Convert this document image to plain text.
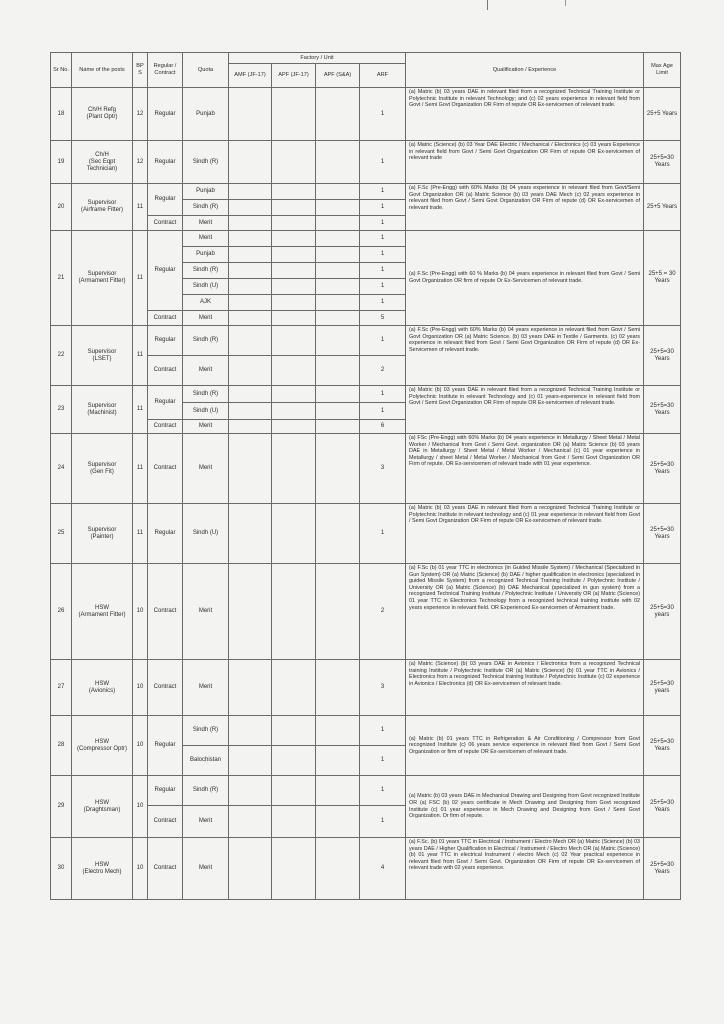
Sr No.	Name of the posts	BP S	Regular / Contract	Quota	Factory / Unit				Qualification / Experience	Max Age Limit
					AMF (JF-17)	APF (JF-17)	APF (S&A)	ARF		
18	Ch/H Refg
(Plant Optr)	12	Regular	Punjab				1	(a) Matric (b) 03 years DAE in relevant filed from a recognized Technical Training Institute or Polytechnic Institute in relevant Technology; and (c) 02 years experience in relevant field from Govt / Semi Govt Organization OR Firm of repute OR Ex-servicemen of relevant trade.	25+5 Years
19	Ch/H
(Sec Eqpt Technician)	12	Regular	Sindh (R)				1	(a) Matric (Science) (b) 03 Year DAE Electric / Mechanical / Electronics (c) 03 years Experience in relevant field from Govt / Semi Govt Organization OR Firm of repute OR Ex-servicemen of relevant trade	25+5=30 Years
20	Supervisor
(Airframe Fitter)	11	Regular	Punjab				1	(a) F.Sc (Pre-Engg) with 60% Marks (b) 04 years experience in relevant filed from Govt/Semi Govt Organization OR (a) Matric Science (b) 03 years DAE Mech (c) 02 years experience in relevant filed from Govt / Semi Govt Organization OR Firm of repute (d) OR Ex-servicemen of relevant trade.	25+5 Years
				Sindh (R)				1		
			Contract	Merit				1		
21	Supervisor
(Armament Fitter)	11	Regular	Merit				1	(a) F.Sc (Pre-Engg) with 60 % Marks (b) 04 years experience in relevant filed from Govt / Semi Govt Organization OR firm of repute Or Ex-Servicemen of relevant trade.	25+5 = 30 Years
				Punjab				1		
				Sindh (R)				1		
				Sindh (U)				1		
				AJK				1		
			Contract	Merit				5		
22	Supervisor
(LSET)	11	Regular	Sindh (R)				1	(a) F.Sc (Pre-Engg) with 60% Marks (b) 04 years experience in relevant filed from Govt / Semi Govt Organization OR (a) Matric Science. (b) 03 years DAE in Textile / Garments. (c) 02 years experience in relevant filed from Govt / Semi Govt Organization OR Firm of repute (d) OR Ex-Servicemen of relevant trade.	25+5=30 Years
			Contract	Merit				2		
23	Supervisor
(Machinist)	11	Regular	Sindh (R)				1	(a) Matric (b) 03 years DAE in relevant filed from a recognized Technical Training Institute or Polytechnic Institute in relevant Technology and (c) 01 years-experience in relevant field from Govt / Semi Govt Organization OR Firm of repute OR Ex-servicemen of relevant trade.	25+5=30 Years
				Sindh (U)				1		
			Contract	Merit				6		
24	Supervisor
(Gen Fit)	11	Contract	Merit				3	(a) FSc (Pre-Engg) with 60% Marks (b) 04 years experience in Metallurgy / Sheet Metal / Metal Worker / Mechanical from Govt / Semi Govt. organization OR (a) Matric Science (b) 03 years DAE in Metallurgy / Sheet Metal / Metal Worker / Mechanical (c) 01 year experience in Metallurgy / sheet Metal / Metal Worker / Mechanical from Govt / Semi Govt Organization OR Firm of repute. OR Ex-servicemen of relevant trade with 01 year experience.	25+5=30 Years
25	Supervisor
(Painter)	11	Regular	Sindh (U)				1	(a) Matric (b) 03 years DAE in relevant filed from a recognized Technical Training Institute or Polytechnic Institute in relevant technology and (c) 01 year experience in relevant field from Govt / Semi Govt Organization OR Firm of repute OR Ex-servicemen of relevant trade.	25+5=30 Years
26	HSW
(Armament Fitter)	10	Contract	Merit				2	(a) F.Sc (b) 01 year TTC in electronics (in Guided Missile System) / Mechanical (Specialized in Gun System) OR (a) Matric (Science) (b) DAE / higher qualification in electronics (specialized in guided Missile System) from a recognized Technical Training Institute / Polytechnic Institute / University OR (a) Matric (Science) (b) DAE Mechanical (specialized in gun system) from a recognized Technical Training Institute / Polytechnic Institute / University OR (a) Matric (Science) 01 year TTC in Electronics Technology from a recognized technical training institute with 02 years experience in relevant field. OR Experienced Ex-servicemen of Armament trade.	25+5=30 years
27	HSW
(Avionics)	10	Contract	Merit				3	(a) Matric (Science) (b) 03 years DAE in Avionics / Electronics from a recognized Technical training Institute / Polytechnic Institute OR (a) Matric (Science) (b) 01 year TTC in Avionics / Electronics from a recognized Technical training Institute / Polytechnic Institute (c) 02 experience in Avionics / Electronics (d) OR Ex-servicemen of relevant trade.	25+5=30 years
28	HSW
(Compressor Optr)	10	Regular	Sindh (R)				1	(a) Matric (b) 01 years TTC in Refrigeration & Air Conditioning / Compressor from Govt recognized Institute (c) 06 years service experience in relevant filed from Govt / Semi Govt Organization or firm of repute OR Ex-servicemen of relevant trade.	25+5=30 Years
				Balochistan				1		
29	HSW
(Draghtsman)	10	Regular	Sindh (R)				1	(a) Matric (b) 03 years DAE in Mechanical Drawing and Designing from Govt recognized Institute OR (a) FSC (b) 02 years certificate in Mech Drawing and Designing from Govt recognized Institute (c) 01 year experience in Mech Drawing and Designing from Govt / Semi Govt Organization. Or firm of repute.	25+5=30 Years
			Contract	Merit				1		
30	HSW
(Electro Mech)	10	Contract	Merit				4	(a) F.Sc. (b) 01 years TTC in Electrical / Instrument / Electro Mech OR (a) Matric (Science) (b) 03 years DAE / Higher Qualification in Electrical / Instrument / Electro Mech OR (a) Matric (Science) (b) 01 year TTC in electrical Instrument / electro Mech (c) 02 Year practical experience in relevant filed from Govt / Semi Govt. Organization OR Firm of repute OR Ex-servicemen of relevant trade with 02 years experience.	25+5=30 Years
